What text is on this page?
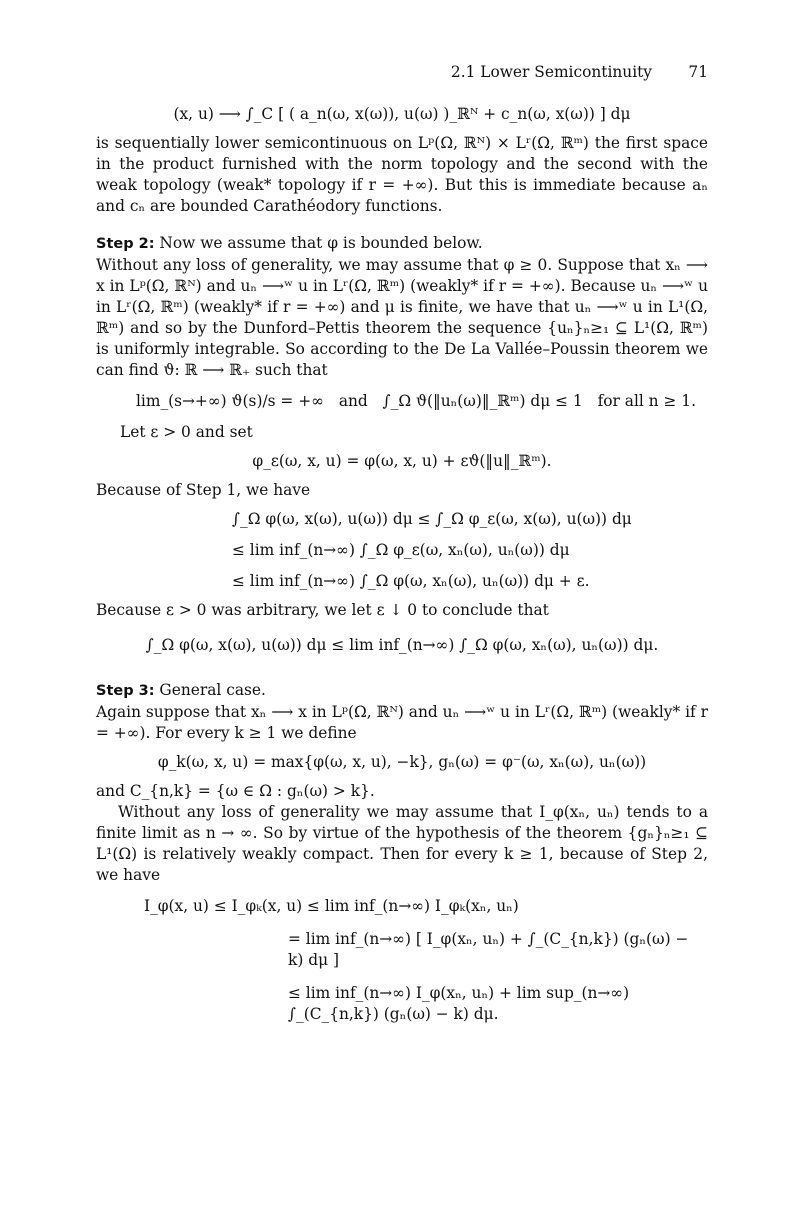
2.1 Lower Semicontinuity 71
(x, u) ⟶ ∫_C [ ( a_n(ω, x(ω)), u(ω) )_ℝᴺ + c_n(ω, x(ω)) ] dμ

is sequentially lower semicontinuous on Lᵖ(Ω, ℝᴺ) × Lʳ(Ω, ℝᵐ) the first space in the product furnished with the norm topology and the second with the weak topology (weak* topology if r = +∞). But this is immediate because aₙ and cₙ are bounded Carathéodory functions.

Step 2: Now we assume that φ is bounded below.

Without any loss of generality, we may assume that φ ≥ 0. Suppose that xₙ ⟶ x in Lᵖ(Ω, ℝᴺ) and uₙ ⟶ʷ u in Lʳ(Ω, ℝᵐ) (weakly* if r = +∞). Because uₙ ⟶ʷ u in Lʳ(Ω, ℝᵐ) (weakly* if r = +∞) and μ is finite, we have that uₙ ⟶ʷ u in L¹(Ω, ℝᵐ) and so by the Dunford–Pettis theorem the sequence {uₙ}ₙ≥₁ ⊆ L¹(Ω, ℝᵐ) is uniformly integrable. So according to the De La Vallée–Poussin theorem we can find ϑ: ℝ ⟶ ℝ₊ such that

lim_(s→+∞) ϑ(s)/s = +∞ and ∫_Ω ϑ(‖uₙ(ω)‖_ℝᵐ) dμ ≤ 1 for all n ≥ 1.

Let ε > 0 and set

φ_ε(ω, x, u) = φ(ω, x, u) + εϑ(‖u‖_ℝᵐ).

Because of Step 1, we have

∫_Ω φ(ω, x(ω), u(ω)) dμ ≤ ∫_Ω φ_ε(ω, x(ω), u(ω)) dμ
≤ lim inf_(n→∞) ∫_Ω φ_ε(ω, xₙ(ω), uₙ(ω)) dμ
≤ lim inf_(n→∞) ∫_Ω φ(ω, xₙ(ω), uₙ(ω)) dμ + ε.

Because ε > 0 was arbitrary, we let ε ↓ 0 to conclude that

∫_Ω φ(ω, x(ω), u(ω)) dμ ≤ lim inf_(n→∞) ∫_Ω φ(ω, xₙ(ω), uₙ(ω)) dμ.

Step 3: General case.

Again suppose that xₙ ⟶ x in Lᵖ(Ω, ℝᴺ) and uₙ ⟶ʷ u in Lʳ(Ω, ℝᵐ) (weakly* if r = +∞). For every k ≥ 1 we define

φ_k(ω, x, u) = max{φ(ω, x, u), −k}, gₙ(ω) = φ⁻(ω, xₙ(ω), uₙ(ω))

and C_{n,k} = {ω ∈ Ω : gₙ(ω) > k}.

Without any loss of generality we may assume that I_φ(xₙ, uₙ) tends to a finite limit as n → ∞. So by virtue of the hypothesis of the theorem {gₙ}ₙ≥₁ ⊆ L¹(Ω) is relatively weakly compact. Then for every k ≥ 1, because of Step 2, we have

I_φ(x, u) ≤ I_φₖ(x, u) ≤ lim inf_(n→∞) I_φₖ(xₙ, uₙ)
= lim inf_(n→∞) [ I_φ(xₙ, uₙ) + ∫_(C_{n,k}) (gₙ(ω) − k) dμ ]
≤ lim inf_(n→∞) I_φ(xₙ, uₙ) + lim sup_(n→∞) ∫_(C_{n,k}) (gₙ(ω) − k) dμ.
